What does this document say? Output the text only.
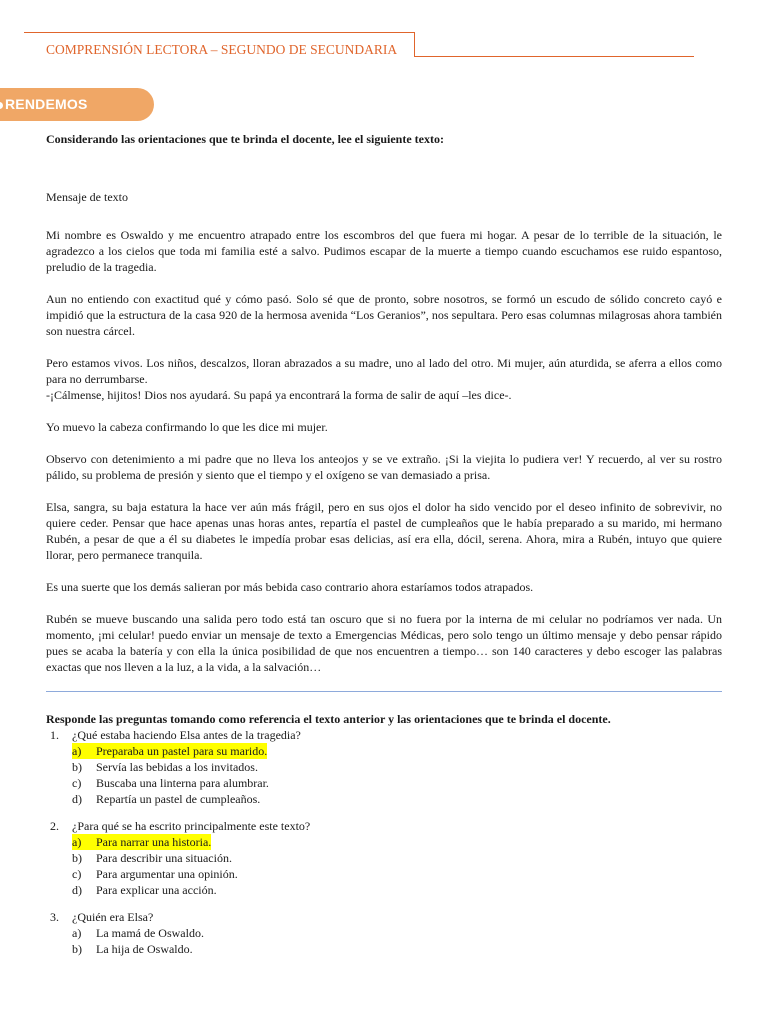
COMPRENSIÓN LECTORA – SEGUNDO DE SECUNDARIA
RENDEMOS

Considerando las orientaciones que te brinda el docente, lee el siguiente texto:

Mensaje de texto

Mi nombre es Oswaldo y me encuentro atrapado entre los escombros del que fuera mi hogar. A pesar de lo terrible de la situación, le agradezco a los cielos que toda mi familia esté a salvo. Pudimos escapar de la muerte a tiempo cuando escuchamos ese ruido espantoso, preludio de la tragedia.

Aun no entiendo con exactitud qué y cómo pasó. Solo sé que de pronto, sobre nosotros, se formó un escudo de sólido concreto cayó e impidió que la estructura de la casa 920 de la hermosa avenida “Los Geranios”, nos sepultara. Pero esas columnas milagrosas ahora también son nuestra cárcel.

Pero estamos vivos. Los niños, descalzos, lloran abrazados a su madre, uno al lado del otro. Mi mujer, aún aturdida, se aferra a ellos como para no derrumbarse.

-¡Cálmense, hijitos! Dios nos ayudará. Su papá ya encontrará la forma de salir de aquí –les dice-.

Yo muevo la cabeza confirmando lo que les dice mi mujer.

Observo con detenimiento a mi padre que no lleva los anteojos y se ve extraño. ¡Si la viejita lo pudiera ver! Y recuerdo, al ver su rostro pálido, su problema de presión y siento que el tiempo y el oxígeno se van demasiado a prisa.

Elsa, sangra, su baja estatura la hace ver aún más frágil, pero en sus ojos el dolor ha sido vencido por el deseo infinito de sobrevivir, no quiere ceder. Pensar que hace apenas unas horas antes, repartía el pastel de cumpleaños que le había preparado a su marido, mi hermano Rubén, a pesar de que a él su diabetes le impedía probar esas delicias, así era ella, dócil, serena. Ahora, mira a Rubén, intuyo que quiere llorar, pero permanece tranquila.

Es una suerte que los demás salieran por más bebida caso contrario ahora estaríamos todos atrapados.

Rubén se mueve buscando una salida pero todo está tan oscuro que si no fuera por la interna de mi celular no podríamos ver nada. Un momento, ¡mi celular! puedo enviar un mensaje de texto a Emergencias Médicas, pero solo tengo un último mensaje y debo pensar rápido pues se acaba la batería y con ella la única posibilidad de que nos encuentren a tiempo… son 140 caracteres y debo escoger las palabras exactas que nos lleven a la luz, a la vida, a la salvación…

Responde las preguntas tomando como referencia el texto anterior y las orientaciones que te brinda el docente.

1.	¿Qué estaba haciendo Elsa antes de la tragedia?
a)	Preparaba un pastel para su marido.
b) Servía las bebidas a los invitados.
c) Buscaba una linterna para alumbrar.
d) Repartía un pastel de cumpleaños.
2.	¿Para qué se ha escrito principalmente este texto?
a)	Para narrar una historia.
b) Para describir una situación.
c) Para argumentar una opinión.
d) Para explicar una acción.
3.	¿Quién era Elsa?
a) La mamá de Oswaldo.
b) La hija de Oswaldo.
